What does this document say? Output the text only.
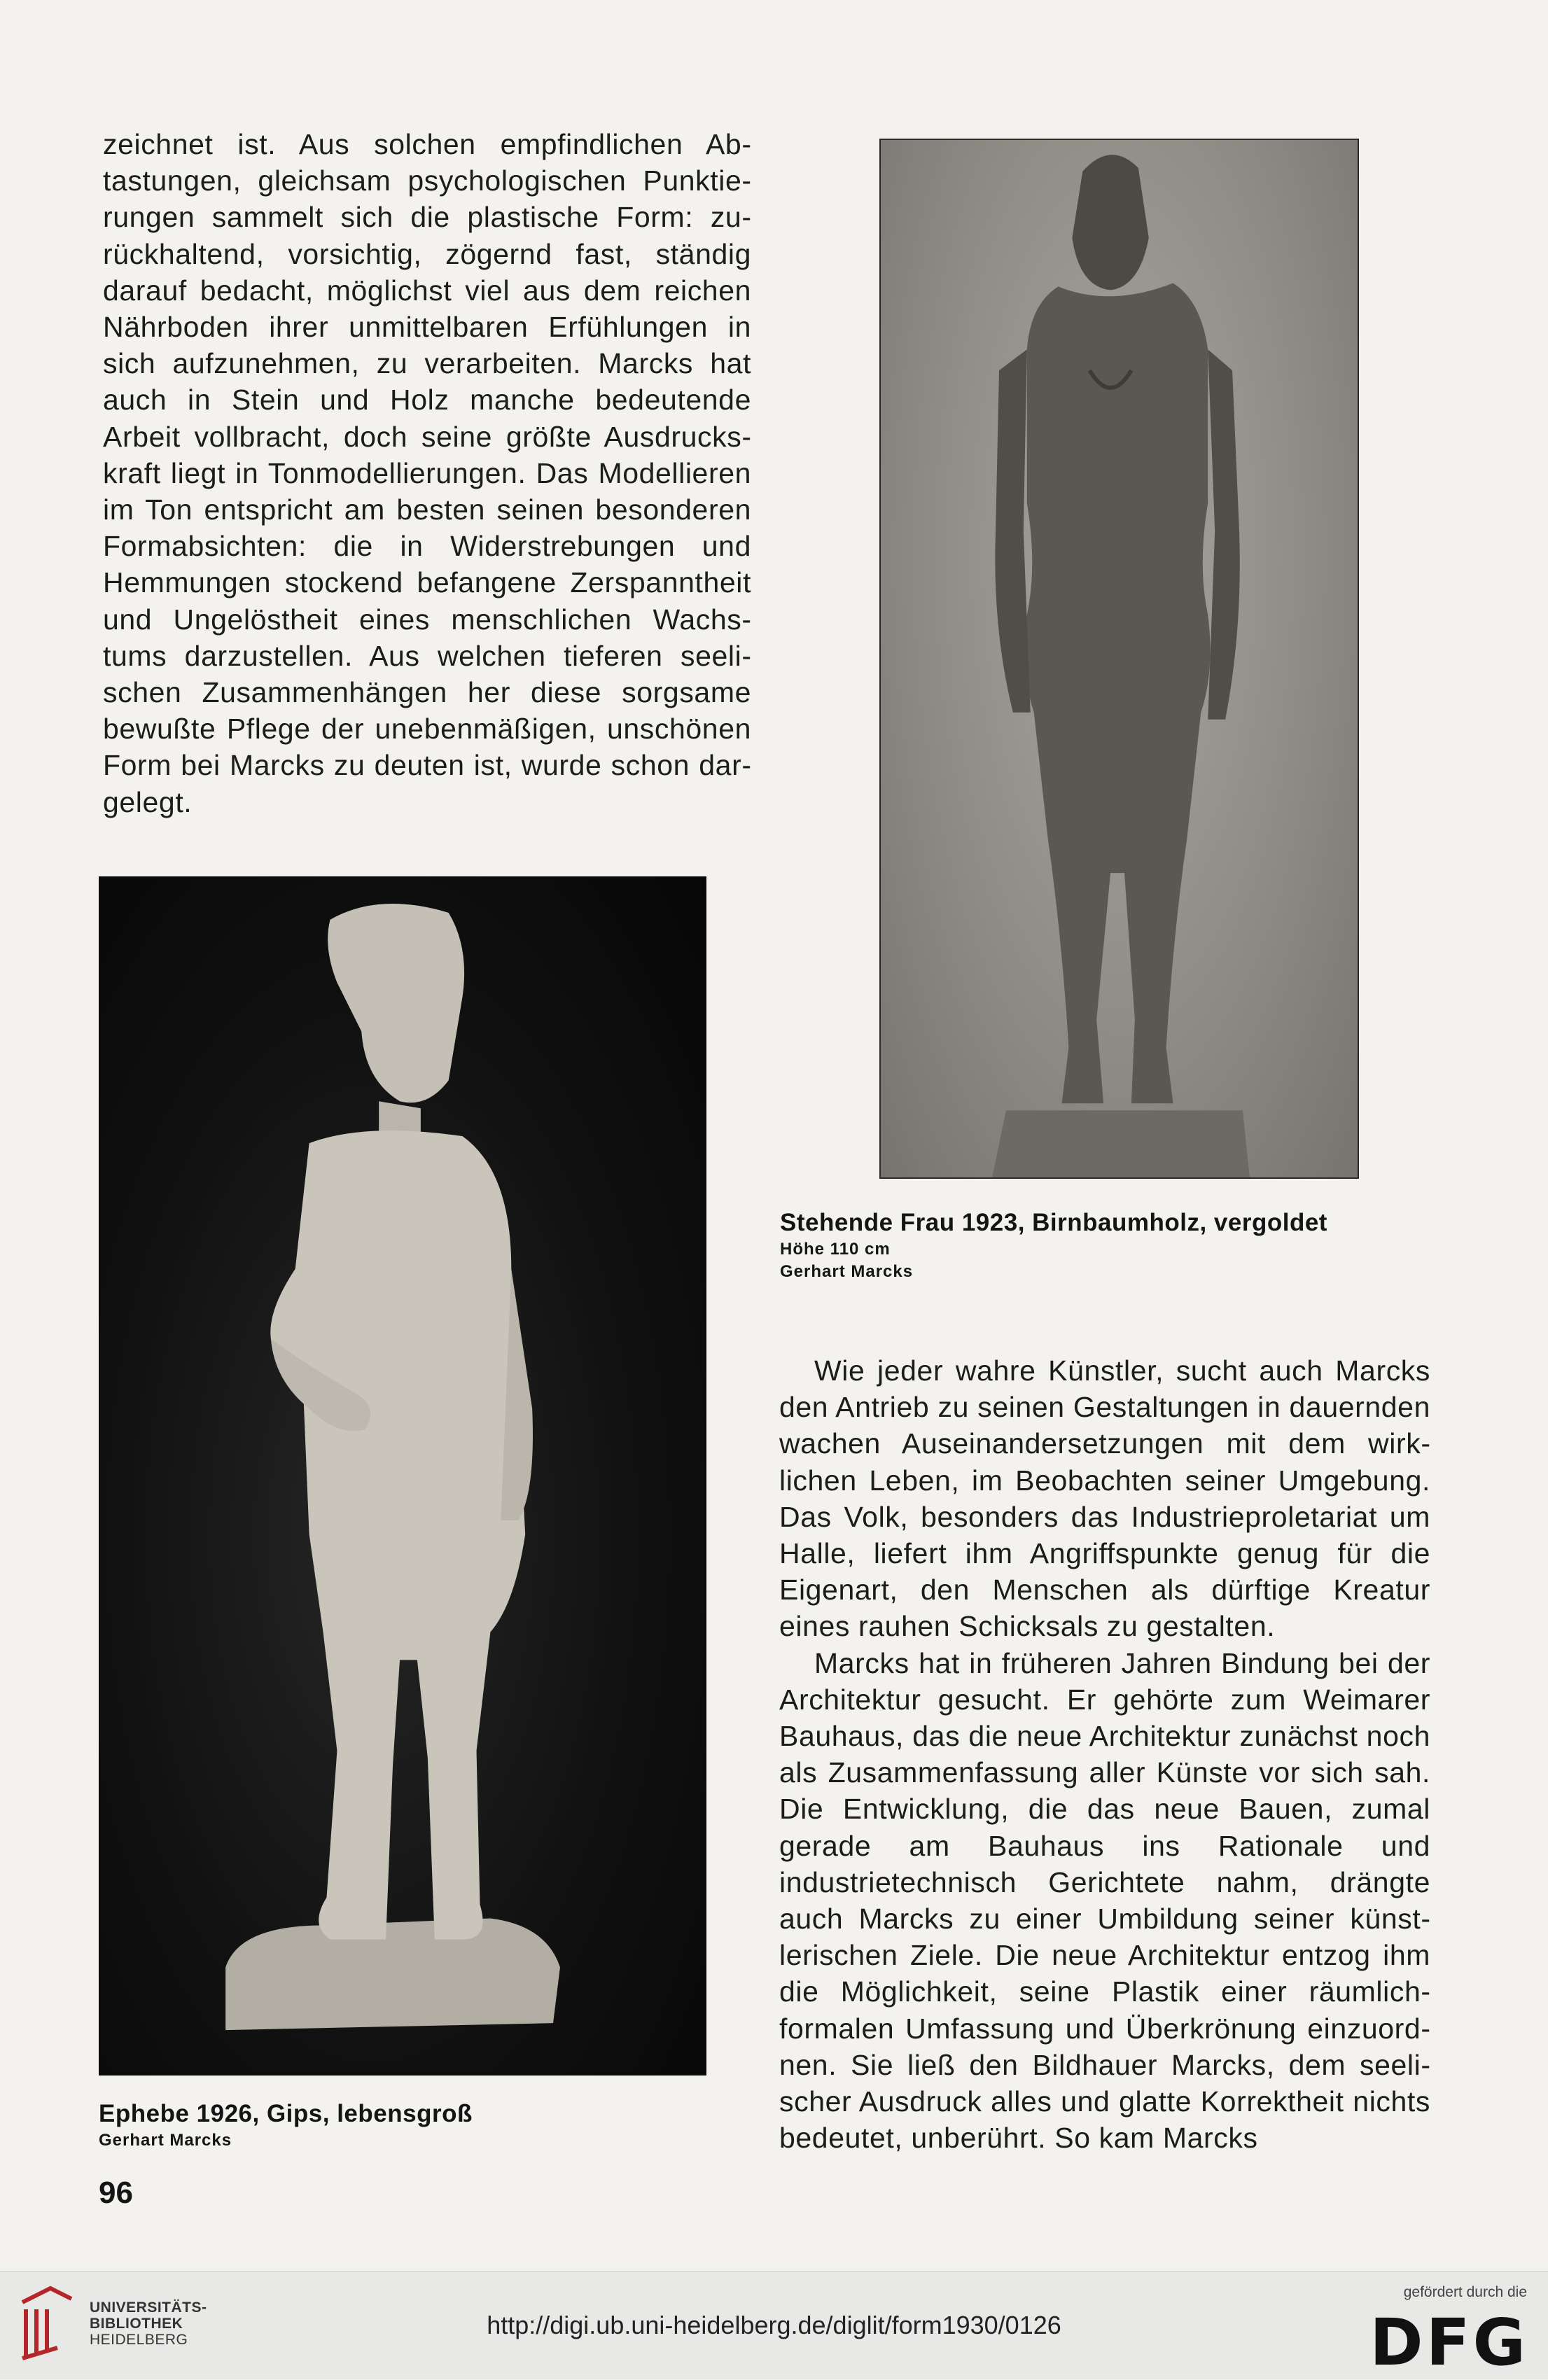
zeichnet ist. Aus solchen empfindlichen Abtastungen, gleichsam psychologischen Punktierungen sammelt sich die plastische Form: zurückhaltend, vorsichtig, zögernd fast, ständig darauf bedacht, möglichst viel aus dem reichen Nährboden ihrer unmittelbaren Erfühlungen in sich aufzunehmen, zu verarbeiten. Marcks hat auch in Stein und Holz manche bedeutende Arbeit vollbracht, doch seine größte Ausdruckskraft liegt in Tonmodellierungen. Das Modellieren im Ton entspricht am besten seinen besonderen Formabsichten: die in Widerstrebungen und Hemmungen stockend befangene Zerspanntheit und Ungelöstheit eines menschlichen Wachstums darzustellen. Aus welchen tieferen seelischen Zusammenhängen her diese sorgsame bewußte Pflege der unebenmäßigen, unschönen Form bei Marcks zu deuten ist, wurde schon dargelegt.
Stehende Frau 1923, Birnbaumholz, vergoldet
Höhe 110 cm
Gerhart Marcks
Ephebe 1926, Gips, lebensgroß
Gerhart Marcks

Wie jeder wahre Künstler, sucht auch Marcks den Antrieb zu seinen Gestaltungen in dauernden wachen Auseinandersetzungen mit dem wirklichen Leben, im Beobachten seiner Umgebung. Das Volk, besonders das Industrieproletariat um Halle, liefert ihm Angriffspunkte genug für die Eigenart, den Menschen als dürftige Kreatur eines rauhen Schicksals zu gestalten.

Marcks hat in früheren Jahren Bindung bei der Architektur gesucht. Er gehörte zum Weimarer Bauhaus, das die neue Architektur zunächst noch als Zusammenfassung aller Künste vor sich sah. Die Entwicklung, die das neue Bauen, zumal gerade am Bauhaus ins Rationale und industrietechnisch Gerichtete nahm, drängte auch Marcks zu einer Umbildung seiner künstlerischen Ziele. Die neue Architektur entzog ihm die Möglichkeit, seine Plastik einer räumlichformalen Umfassung und Überkrönung einzuordnen. Sie ließ den Bildhauer Marcks, dem seelischer Ausdruck alles und glatte Korrektheit nichts bedeutet, unberührt. So kam Marcks

96
UNIVERSITÄTS-
BIBLIOTHEK
HEIDELBERG
http://digi.ub.uni-heidelberg.de/diglit/form1930/0126
gefördert durch die
DFG
